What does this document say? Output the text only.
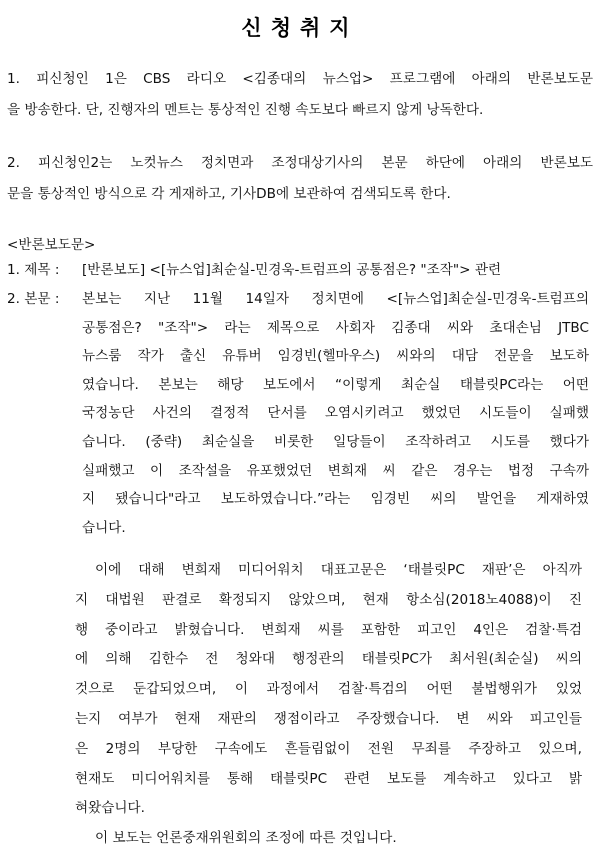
신청취지
1. 피신청인 1은 CBS 라디오 <김종대의 뉴스업> 프로그램에 아래의 반론보도문
을 방송한다. 단, 진행자의 멘트는 통상적인 진행 속도보다 빠르지 않게 낭독한다.
2. 피신청인2는 노컷뉴스 정치면과 조정대상기사의 본문 하단에 아래의 반론보도
문을 통상적인 방식으로 각 게재하고, 기사DB에 보관하여 검색되도록 한다.
<반론보도문>
1. 제목 : [반론보도] <[뉴스업]최순실-민경욱-트럼프의 공통점은? "조작"> 관련
2. 본문 : 본보는 지난 11월 14일자 정치면에 <[뉴스업]최순실-민경욱-트럼프의
공통점은? "조작"> 라는 제목으로 사회자 김종대 씨와 초대손님 JTBC
뉴스룸 작가 출신 유튜버 임경빈(헬마우스) 씨와의 대담 전문을 보도하
였습니다. 본보는 해당 보도에서 “이렇게 최순실 태블릿PC라는 어떤
국정농단 사건의 결정적 단서를 오염시키려고 했었던 시도들이 실패했
습니다. (중략) 최순실을 비롯한 일당들이 조작하려고 시도를 했다가
실패했고 이 조작설을 유포했었던 변희재 씨 같은 경우는 법정 구속까
지 됐습니다"라고 보도하였습니다.”라는 임경빈 씨의 발언을 게재하였
습니다.
이에 대해 변희재 미디어워치 대표고문은 ‘태블릿PC 재판’은 아직까
지 대법원 판결로 확정되지 않았으며, 현재 항소심(2018노4088)이 진
행 중이라고 밝혔습니다. 변희재 씨를 포함한 피고인 4인은 검찰·특검
에 의해 김한수 전 청와대 행정관의 태블릿PC가 최서원(최순실) 씨의
것으로 둔갑되었으며, 이 과정에서 검찰·특검의 어떤 불법행위가 있었
는지 여부가 현재 재판의 쟁점이라고 주장했습니다. 변 씨와 피고인들
은 2명의 부당한 구속에도 흔들림없이 전원 무죄를 주장하고 있으며,
현재도 미디어워치를 통해 태블릿PC 관련 보도를 계속하고 있다고 밝
혀왔습니다.
이 보도는 언론중재위원회의 조정에 따른 것입니다.
